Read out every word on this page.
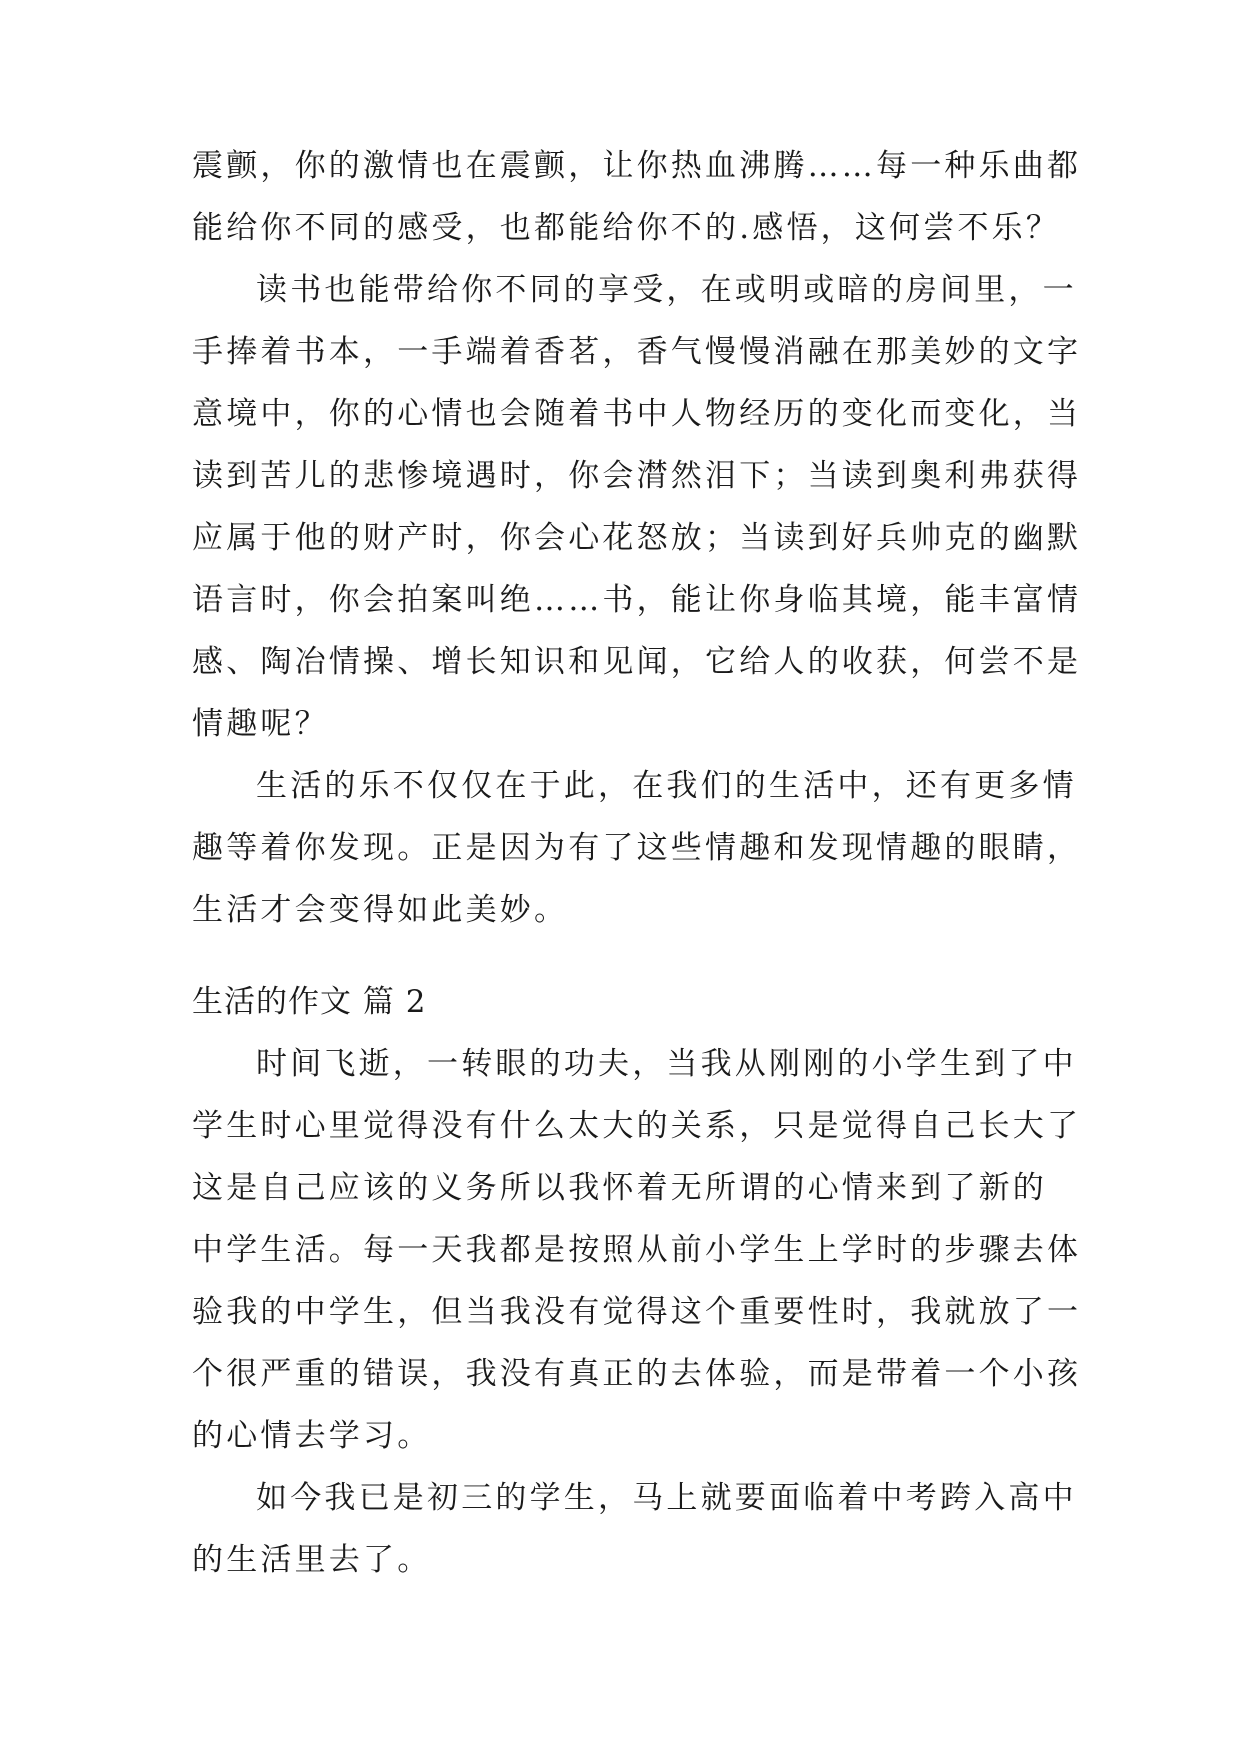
震颤，你的激情也在震颤，让你热血沸腾……每一种乐曲都
能给你不同的感受，也都能给你不的.感悟，这何尝不乐？
读书也能带给你不同的享受，在或明或暗的房间里，一
手捧着书本，一手端着香茗，香气慢慢消融在那美妙的文字
意境中，你的心情也会随着书中人物经历的变化而变化，当
读到苦儿的悲惨境遇时，你会潸然泪下；当读到奥利弗获得
应属于他的财产时，你会心花怒放；当读到好兵帅克的幽默
语言时，你会拍案叫绝……书，能让你身临其境，能丰富情
感、陶冶情操、增长知识和见闻，它给人的收获，何尝不是
情趣呢？
生活的乐不仅仅在于此，在我们的生活中，还有更多情
趣等着你发现。正是因为有了这些情趣和发现情趣的眼睛，
生活才会变得如此美妙。
生活的作文 篇 2
时间飞逝，一转眼的功夫，当我从刚刚的小学生到了中
学生时心里觉得没有什么太大的关系，只是觉得自己长大了
这是自己应该的义务所以我怀着无所谓的心情来到了新的
中学生活。每一天我都是按照从前小学生上学时的步骤去体
验我的中学生，但当我没有觉得这个重要性时，我就放了一
个很严重的错误，我没有真正的去体验，而是带着一个小孩
的心情去学习。
如今我已是初三的学生，马上就要面临着中考跨入高中
的生活里去了。
